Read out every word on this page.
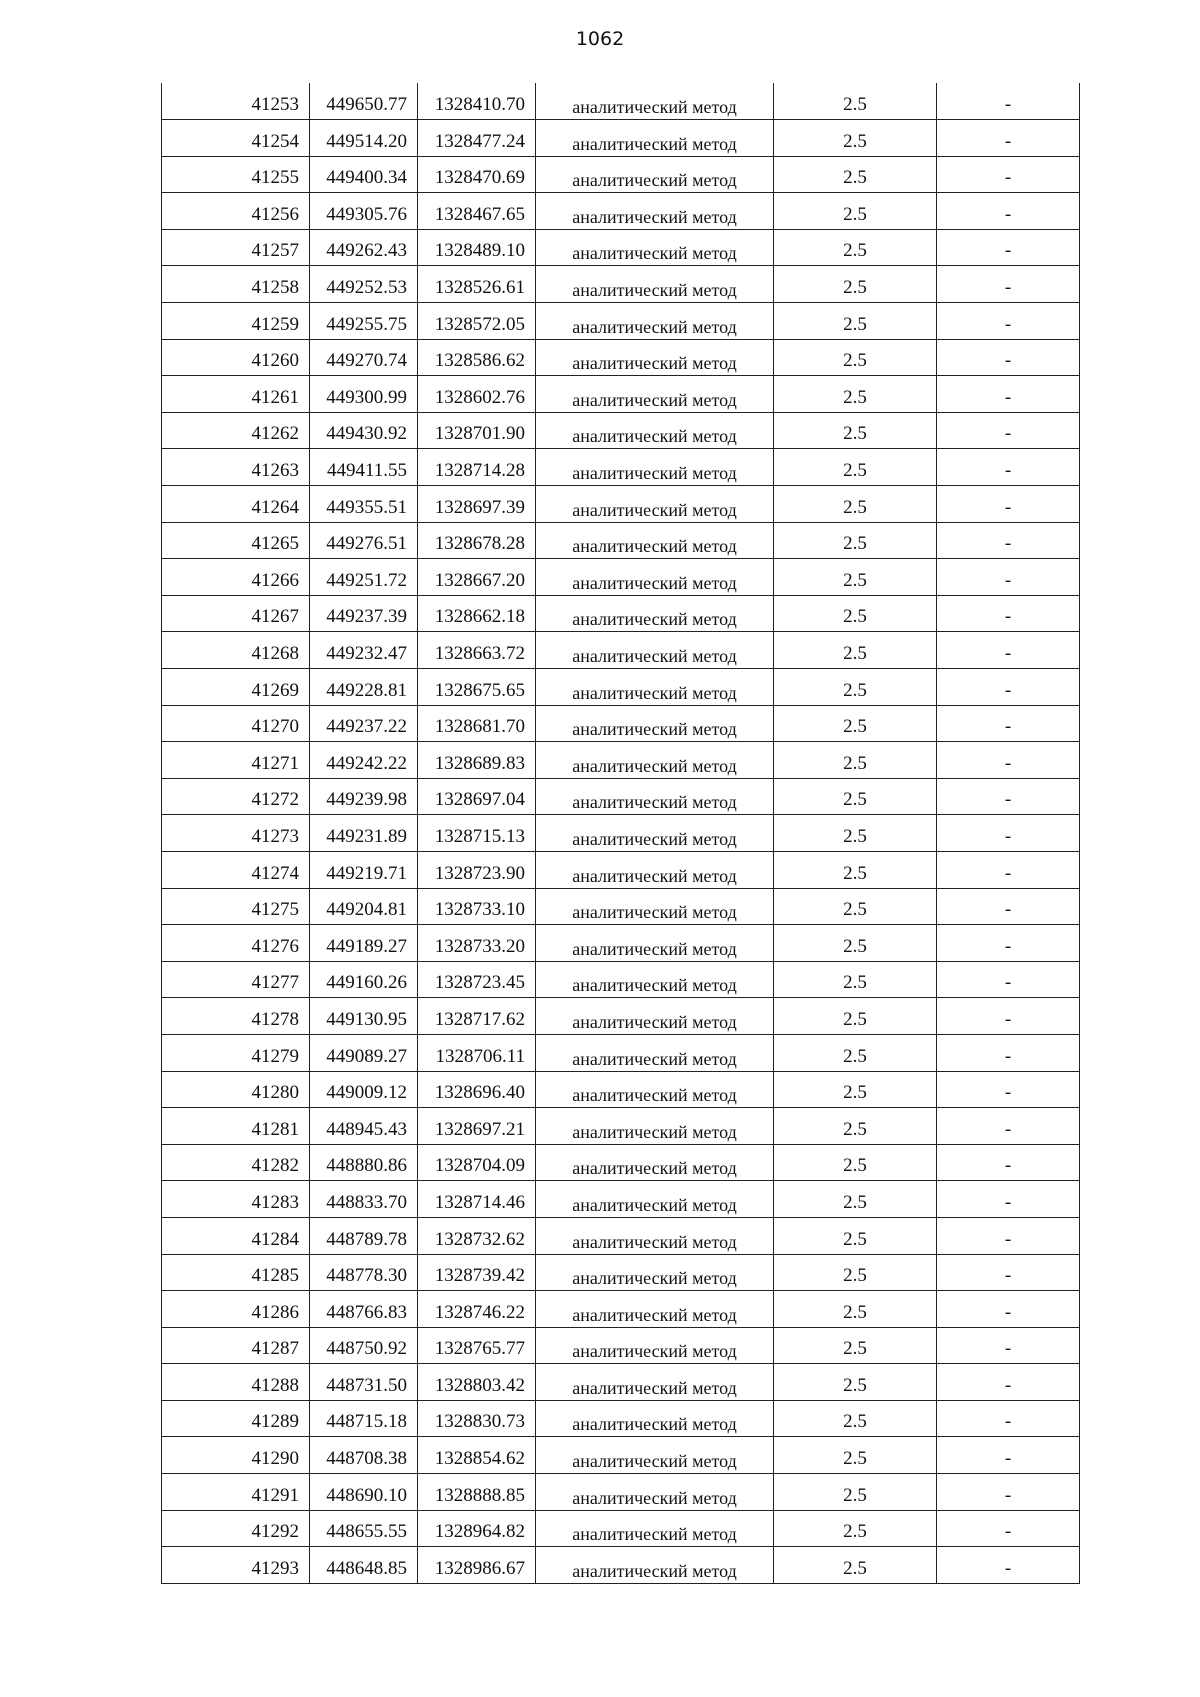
1062
41253	449650.77	1328410.70	аналитический метод	2.5	-
41254	449514.20	1328477.24	аналитический метод	2.5	-
41255	449400.34	1328470.69	аналитический метод	2.5	-
41256	449305.76	1328467.65	аналитический метод	2.5	-
41257	449262.43	1328489.10	аналитический метод	2.5	-
41258	449252.53	1328526.61	аналитический метод	2.5	-
41259	449255.75	1328572.05	аналитический метод	2.5	-
41260	449270.74	1328586.62	аналитический метод	2.5	-
41261	449300.99	1328602.76	аналитический метод	2.5	-
41262	449430.92	1328701.90	аналитический метод	2.5	-
41263	449411.55	1328714.28	аналитический метод	2.5	-
41264	449355.51	1328697.39	аналитический метод	2.5	-
41265	449276.51	1328678.28	аналитический метод	2.5	-
41266	449251.72	1328667.20	аналитический метод	2.5	-
41267	449237.39	1328662.18	аналитический метод	2.5	-
41268	449232.47	1328663.72	аналитический метод	2.5	-
41269	449228.81	1328675.65	аналитический метод	2.5	-
41270	449237.22	1328681.70	аналитический метод	2.5	-
41271	449242.22	1328689.83	аналитический метод	2.5	-
41272	449239.98	1328697.04	аналитический метод	2.5	-
41273	449231.89	1328715.13	аналитический метод	2.5	-
41274	449219.71	1328723.90	аналитический метод	2.5	-
41275	449204.81	1328733.10	аналитический метод	2.5	-
41276	449189.27	1328733.20	аналитический метод	2.5	-
41277	449160.26	1328723.45	аналитический метод	2.5	-
41278	449130.95	1328717.62	аналитический метод	2.5	-
41279	449089.27	1328706.11	аналитический метод	2.5	-
41280	449009.12	1328696.40	аналитический метод	2.5	-
41281	448945.43	1328697.21	аналитический метод	2.5	-
41282	448880.86	1328704.09	аналитический метод	2.5	-
41283	448833.70	1328714.46	аналитический метод	2.5	-
41284	448789.78	1328732.62	аналитический метод	2.5	-
41285	448778.30	1328739.42	аналитический метод	2.5	-
41286	448766.83	1328746.22	аналитический метод	2.5	-
41287	448750.92	1328765.77	аналитический метод	2.5	-
41288	448731.50	1328803.42	аналитический метод	2.5	-
41289	448715.18	1328830.73	аналитический метод	2.5	-
41290	448708.38	1328854.62	аналитический метод	2.5	-
41291	448690.10	1328888.85	аналитический метод	2.5	-
41292	448655.55	1328964.82	аналитический метод	2.5	-
41293	448648.85	1328986.67	аналитический метод	2.5	-
